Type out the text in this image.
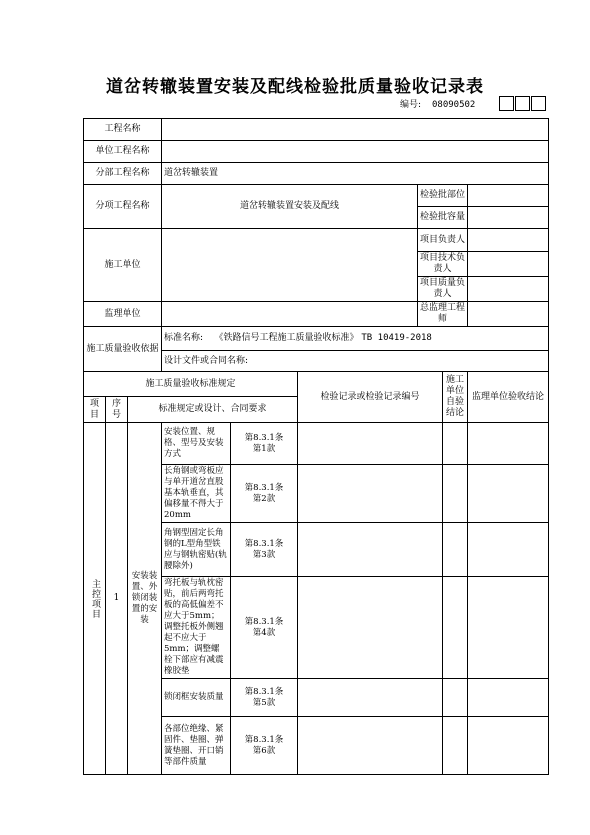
道岔转辙装置安装及配线检验批质量验收记录表
编号: 08090502
工程名称								
单位工程名称								
分部工程名称			道岔转辙装置					
分项工程名称			道岔转辙装置安装及配线			检验批部位		
						检验批容量		
施工单位						项目负责人		
						项目技术负责人		
						项目质量负责人		
监理单位						总监理工程师		
施工质量验收依据			标准名称: 《铁路信号工程施工质量验收标准》 TB 10419-2018					
			设计文件或合同名称:					
施工质量验收标准规定					检验记录或检验记录编号		施工单位自验结论	监理单位验收结论
项目	序号	标准规定或设计、合同要求						

主控项目	1	安装装置、外锁闭装置的安装	安装位置、规格、型号及安装方式	第8.3.1条
第1款				

			长角钢或弯板应与单开道岔直股基本轨垂直，其偏移量不得大于20mm	第8.3.1条
第2款				

			角钢型固定长角钢的L型角型铁应与钢轨密贴(轨腰除外)	第8.3.1条
第3款				

			弯托板与轨枕密贴，前后两弯托板的高低偏差不应大于5mm；调整托板外侧翘起不应大于5mm；调整螺栓下部应有减震橡胶垫	第8.3.1条
第4款				

			锁闭框安装质量	第8.3.1条
第5款				

			各部位绝缘、紧固件、垫圈、弹簧垫圈、开口销等部件质量	第8.3.1条
第6款				
